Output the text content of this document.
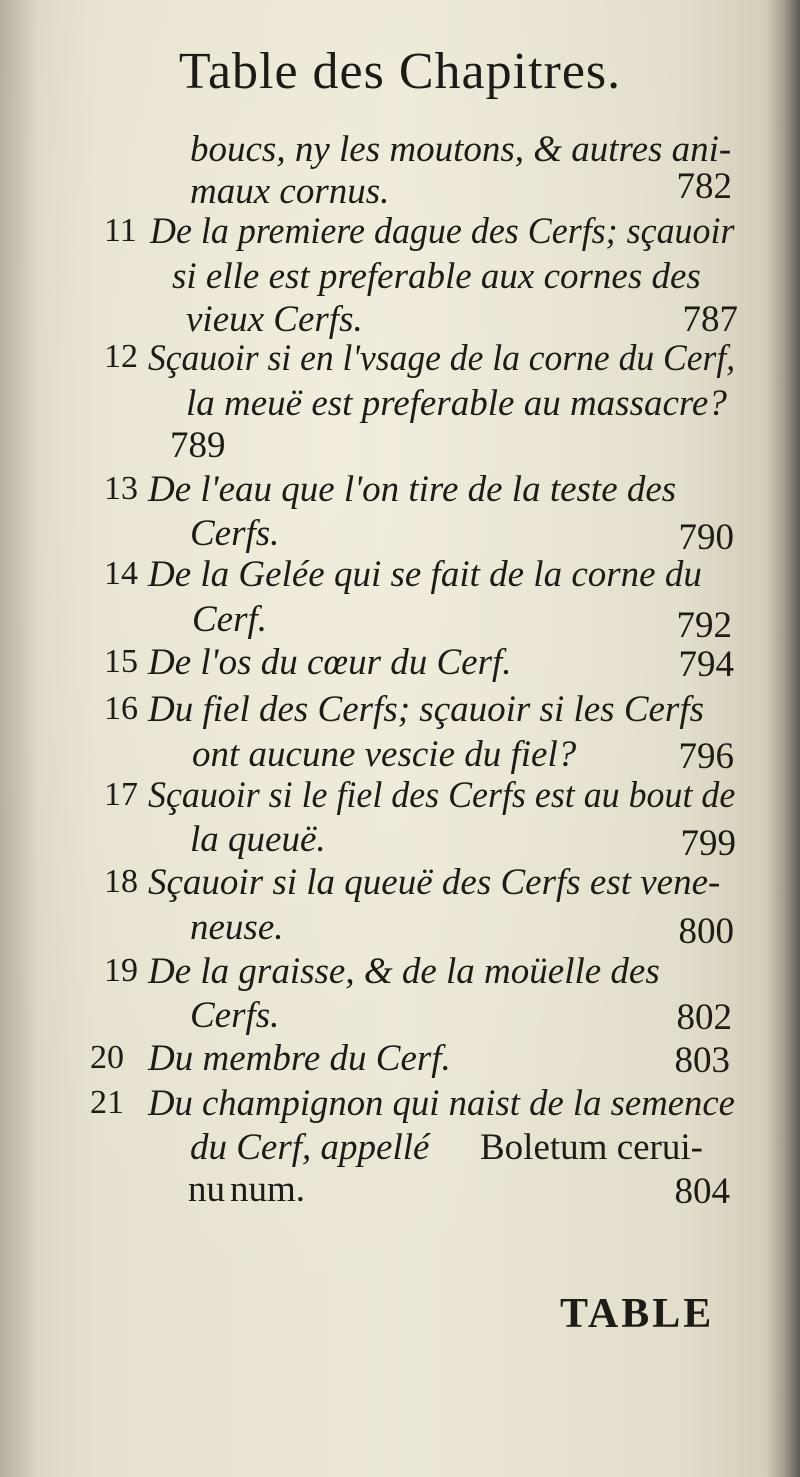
Table des Chapitres.
boucs, ny les moutons, & autres ani-
maux cornus.	782
11 De la premiere dague des Cerfs; sçauoir
si elle est preferable aux cornes des
vieux Cerfs.	787
12 Sçauoir si en l'vsage de la corne du Cerf,
la meuë est preferable au massacre?
789
13 De l'eau que l'on tire de la teste des
Cerfs.	790
14 De la Gelée qui se fait de la corne du
Cerf.	792
15 De l'os du cœur du Cerf.	794
16 Du fiel des Cerfs; sçauoir si les Cerfs
ont aucune vescie du fiel?	796
17 Sçauoir si le fiel des Cerfs est au bout de
la queuë.	799
18 Sçauoir si la queuë des Cerfs est vene-
neuse.	800
19 De la graisse, & de la moüelle des
Cerfs.	802
20 Du membre du Cerf.	803
21 Du champignon qui naist de la semence
du Cerf, appellé Boletum cerui-
nu num.	804
TABLE
